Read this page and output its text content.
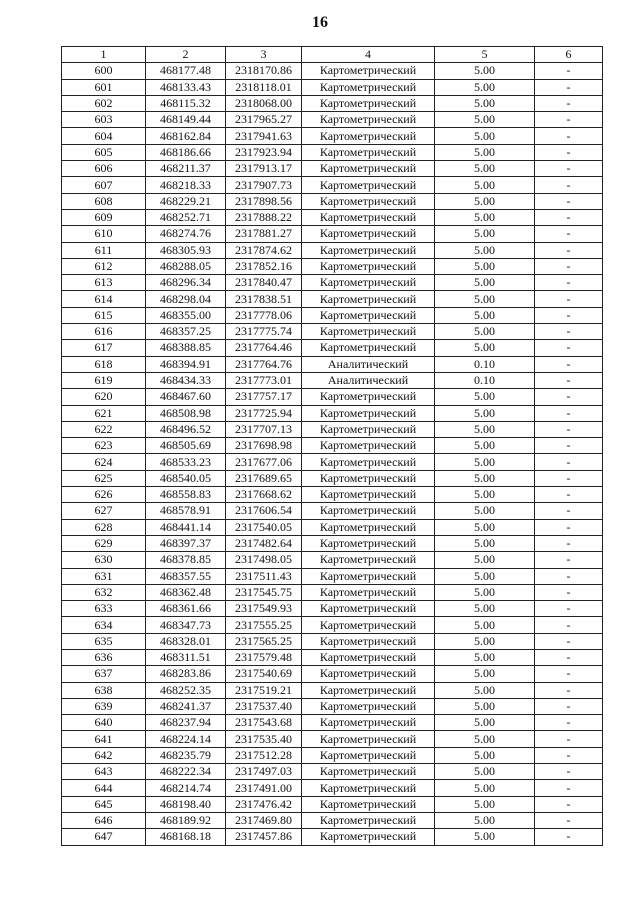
16
1	2	3	4	5	6
600	468177.48	2318170.86	Картометрический	5.00	-
601	468133.43	2318118.01	Картометрический	5.00	-
602	468115.32	2318068.00	Картометрический	5.00	-
603	468149.44	2317965.27	Картометрический	5.00	-
604	468162.84	2317941.63	Картометрический	5.00	-
605	468186.66	2317923.94	Картометрический	5.00	-
606	468211.37	2317913.17	Картометрический	5.00	-
607	468218.33	2317907.73	Картометрический	5.00	-
608	468229.21	2317898.56	Картометрический	5.00	-
609	468252.71	2317888.22	Картометрический	5.00	-
610	468274.76	2317881.27	Картометрический	5.00	-
611	468305.93	2317874.62	Картометрический	5.00	-
612	468288.05	2317852.16	Картометрический	5.00	-
613	468296.34	2317840.47	Картометрический	5.00	-
614	468298.04	2317838.51	Картометрический	5.00	-
615	468355.00	2317778.06	Картометрический	5.00	-
616	468357.25	2317775.74	Картометрический	5.00	-
617	468388.85	2317764.46	Картометрический	5.00	-
618	468394.91	2317764.76	Аналитический	0.10	-
619	468434.33	2317773.01	Аналитический	0.10	-
620	468467.60	2317757.17	Картометрический	5.00	-
621	468508.98	2317725.94	Картометрический	5.00	-
622	468496.52	2317707.13	Картометрический	5.00	-
623	468505.69	2317698.98	Картометрический	5.00	-
624	468533.23	2317677.06	Картометрический	5.00	-
625	468540.05	2317689.65	Картометрический	5.00	-
626	468558.83	2317668.62	Картометрический	5.00	-
627	468578.91	2317606.54	Картометрический	5.00	-
628	468441.14	2317540.05	Картометрический	5.00	-
629	468397.37	2317482.64	Картометрический	5.00	-
630	468378.85	2317498.05	Картометрический	5.00	-
631	468357.55	2317511.43	Картометрический	5.00	-
632	468362.48	2317545.75	Картометрический	5.00	-
633	468361.66	2317549.93	Картометрический	5.00	-
634	468347.73	2317555.25	Картометрический	5.00	-
635	468328.01	2317565.25	Картометрический	5.00	-
636	468311.51	2317579.48	Картометрический	5.00	-
637	468283.86	2317540.69	Картометрический	5.00	-
638	468252.35	2317519.21	Картометрический	5.00	-
639	468241.37	2317537.40	Картометрический	5.00	-
640	468237.94	2317543.68	Картометрический	5.00	-
641	468224.14	2317535.40	Картометрический	5.00	-
642	468235.79	2317512.28	Картометрический	5.00	-
643	468222.34	2317497.03	Картометрический	5.00	-
644	468214.74	2317491.00	Картометрический	5.00	-
645	468198.40	2317476.42	Картометрический	5.00	-
646	468189.92	2317469.80	Картометрический	5.00	-
647	468168.18	2317457.86	Картометрический	5.00	-
